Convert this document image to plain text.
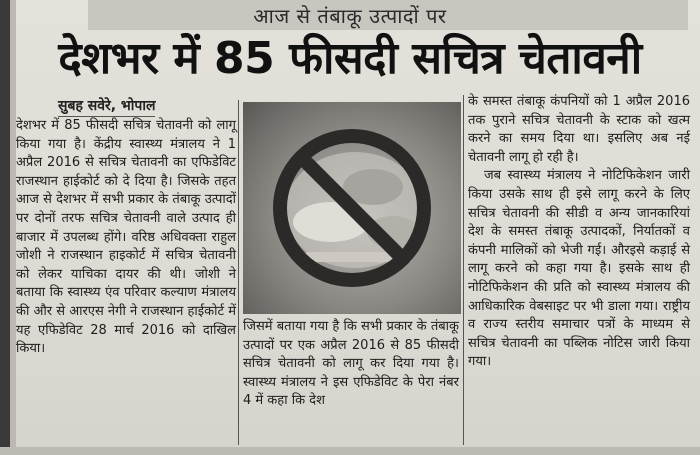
आज से तंबाकू उत्पादों पर
देशभर में 85 फीसदी सचित्र चेतावनी
सुबह सवेरे, भोपाल

देशभर में 85 फीसदी सचित्र चेतावनी को लागू किया गया है। केंद्रीय स्वास्थ्य मंत्रालय ने 1 अप्रैल 2016 से सचित्र चेतावनी का एफिडेविट राजस्थान हाईकोर्ट को दे दिया है। जिसके तहत आज से देशभर में सभी प्रकार के तंबाकू उत्पादों पर दोनों तरफ सचित्र चेतावनी वाले उत्पाद ही बाजार में उपलब्ध होंगे। वरिष्ठ अधिवक्ता राहुल जोशी ने राजस्थान हाइकोर्ट में सचित्र चेतावनी को लेकर याचिका दायर की थी। जोशी ने बताया कि स्वास्थ्य एंव परिवार कल्याण मंत्रालय की और से आरएस नेगी ने राजस्थान हाईकोर्ट में यह एफिडेविट 28 मार्च 2016 को दाखिल किया।

जिसमें बताया गया है कि सभी प्रकार के तंबाकू उत्पादों पर एक अप्रैल 2016 से 85 फीसदी सचित्र चेतावनी को लागू कर दिया गया है। स्वास्थ्य मंत्रालय ने इस एफिडेविट के पेरा नंबर 4 में कहा कि देश

के समस्त तंबाकू कंपनियों को 1 अप्रैल 2016 तक पुराने सचित्र चेतावनी के स्टाक को खत्म करने का समय दिया था। इसलिए अब नई चेतावनी लागू हो रही है।

जब स्वास्थ्य मंत्रालय ने नोटिफिकेशन जारी किया उसके साथ ही इसे लागू करने के लिए सचित्र चेतावनी की सीडी व अन्य जानकारियां देश के समस्त तंबाकू उत्पादकों, निर्यातकों व कंपनी मालिकों को भेजी गई। औरइसे कड़ाई से लागू करने को कहा गया है। इसके साथ ही नोटिफिकेशन की प्रति को स्वास्थ्य मंत्रालय की आधिकारिक वेबसाइट पर भी डाला गया। राष्ट्रीय व राज्य स्तरीय समाचार पत्रों के माध्यम से सचित्र चेतावनी का पब्लिक नोटिस जारी किया गया।
